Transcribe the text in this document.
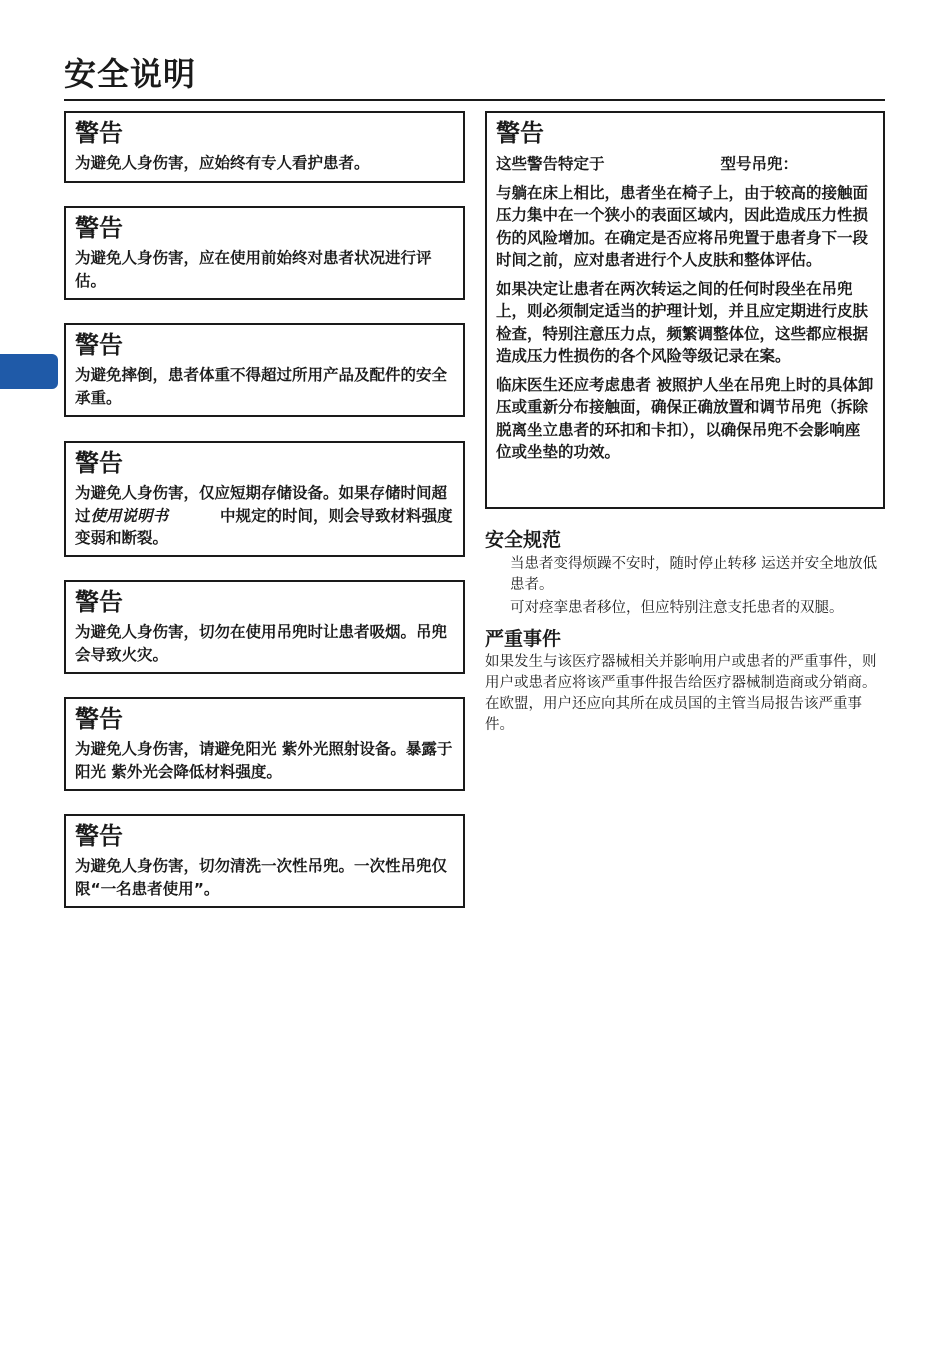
安全说明
警告
为避免人身伤害，应始终有专人看护患者。
警告
为避免人身伤害，应在使用前始终对患者状况进行评估。
警告
为避免摔倒，患者体重不得超过所用产品及配件的安全承重。
警告
为避免人身伤害，仅应短期存储设备。如果存储时间超过使用说明书	中规定的时间，则会导致材料强度变弱和断裂。
警告
为避免人身伤害，切勿在使用吊兜时让患者吸烟。吊兜会导致火灾。
警告
为避免人身伤害，请避免阳光 紫外光照射设备。暴露于阳光 紫外光会降低材料强度。
警告
为避免人身伤害，切勿清洗一次性吊兜。一次性吊兜仅限“一名患者使用”。
警告
这些警告特定于	型号吊兜：
与躺在床上相比，患者坐在椅子上，由于较高的接触面压力集中在一个狭小的表面区域内，因此造成压力性损伤的风险增加。在确定是否应将吊兜置于患者身下一段时间之前，应对患者进行个人皮肤和整体评估。
如果决定让患者在两次转运之间的任何时段坐在吊兜上，则必须制定适当的护理计划，并且应定期进行皮肤检查，特别注意压力点，频繁调整体位，这些都应根据造成压力性损伤的各个风险等级记录在案。
临床医生还应考虑患者 被照护人坐在吊兜上时的具体卸压或重新分布接触面，确保正确放置和调节吊兜（拆除脱离坐立患者的环扣和卡扣），以确保吊兜不会影响座位或坐垫的功效。
安全规范
当患者变得烦躁不安时，随时停止转移 运送并安全地放低患者。
可对痉挛患者移位，但应特别注意支托患者的双腿。
严重事件
如果发生与该医疗器械相关并影响用户或患者的严重事件，则用户或患者应将该严重事件报告给医疗器械制造商或分销商。在欧盟，用户还应向其所在成员国的主管当局报告该严重事件。
